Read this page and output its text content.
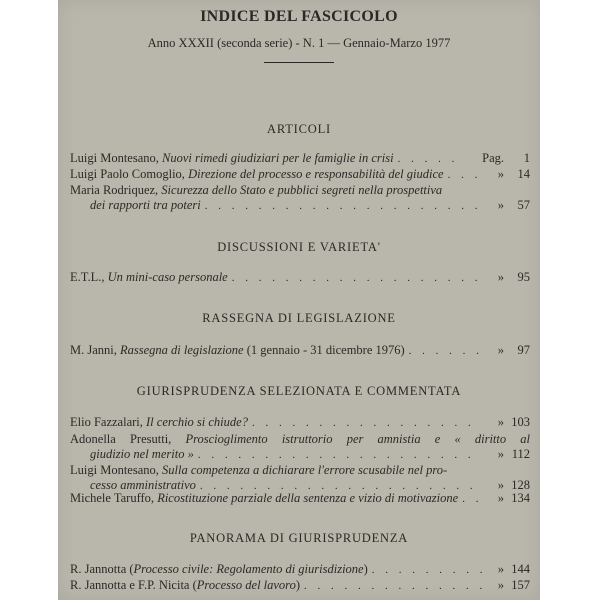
INDICE DEL FASCICOLO
Anno XXXII (seconda serie) - N. 1 — Gennaio-Marzo 1977
ARTICOLI
Luigi Montesano, Nuovi rimedi giudiziari per le famiglie in crisi . . .	Pag.	1
Luigi Paolo Comoglio, Direzione del processo e responsabilità del giudice . . .	»	14
Maria Rodriquez, Sicurezza dello Stato e pubblici segreti nella prospettiva
dei rapporti tra poteri . . .	»	57
DISCUSSIONI E VARIETA'
E.T.L., Un mini-caso personale . . .	»	95
RASSEGNA DI LEGISLAZIONE
M. Janni, Rassegna di legislazione (1 gennaio - 31 dicembre 1976) . . .	»	97
GIURISPRUDENZA SELEZIONATA E COMMENTATA
Elio Fazzalari, Il cerchio si chiude? . . .	» 103
Adonella Presutti, Proscioglimento istruttorio per amnistia e « diritto al
giudizio nel merito » . . .	» 112
Luigi Montesano, Sulla competenza a dichiarare l'errore scusabile nel pro-
cesso amministrativo . . .	» 128
Michele Taruffo, Ricostituzione parziale della sentenza e vizio di motivazione . . .	» 134
PANORAMA DI GIURISPRUDENZA
R. Jannotta (Processo civile: Regolamento di giurisdizione) . . .	» 144
R. Jannotta e F.P. Nicita (Processo del lavoro) . . .	» 157
